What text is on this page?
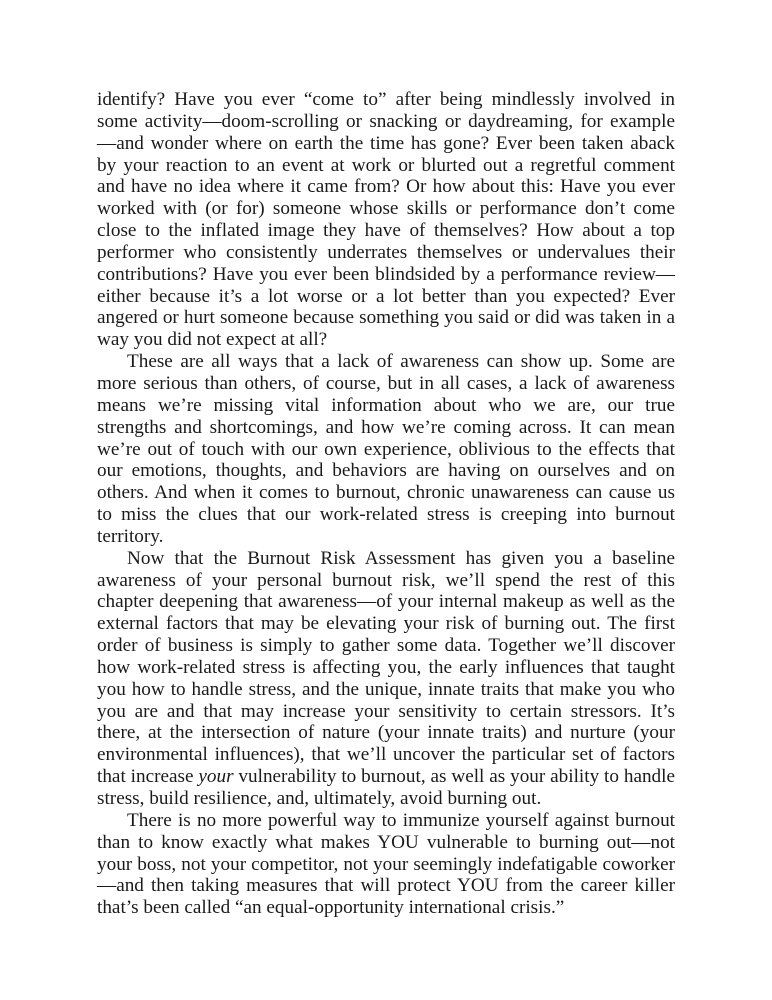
identify? Have you ever “come to” after being mindlessly involved in some activity—doom-scrolling or snacking or daydreaming, for example—and wonder where on earth the time has gone? Ever been taken aback by your reaction to an event at work or blurted out a regretful comment and have no idea where it came from? Or how about this: Have you ever worked with (or for) someone whose skills or performance don’t come close to the inflated image they have of themselves? How about a top performer who consistently underrates themselves or undervalues their contributions? Have you ever been blindsided by a performance review—either because it’s a lot worse or a lot better than you expected? Ever angered or hurt someone because something you said or did was taken in a way you did not expect at all?

These are all ways that a lack of awareness can show up. Some are more serious than others, of course, but in all cases, a lack of awareness means we’re missing vital information about who we are, our true strengths and shortcomings, and how we’re coming across. It can mean we’re out of touch with our own experience, oblivious to the effects that our emotions, thoughts, and behaviors are having on ourselves and on others. And when it comes to burnout, chronic unawareness can cause us to miss the clues that our work-related stress is creeping into burnout territory.

Now that the Burnout Risk Assessment has given you a baseline awareness of your personal burnout risk, we’ll spend the rest of this chapter deepening that awareness—of your internal makeup as well as the external factors that may be elevating your risk of burning out. The first order of business is simply to gather some data. Together we’ll discover how work-​related stress is affecting you, the early influences that taught you how to handle stress, and the unique, innate traits that make you who you are and that may increase your sensitivity to certain stressors. It’s there, at the intersection of nature (your innate traits) and nurture (your environmental influences), that we’ll uncover the particular set of factors that increase your vulnerability to burnout, as well as your ability to handle stress, build resilience, and, ultimately, avoid burning out.

There is no more powerful way to immunize yourself against burnout than to know exactly what makes YOU vulnerable to burning out—not your boss, not your competitor, not your seemingly indefatigable coworker—and then taking measures that will protect YOU from the career killer that’s been called “an equal-opportunity international crisis.”
